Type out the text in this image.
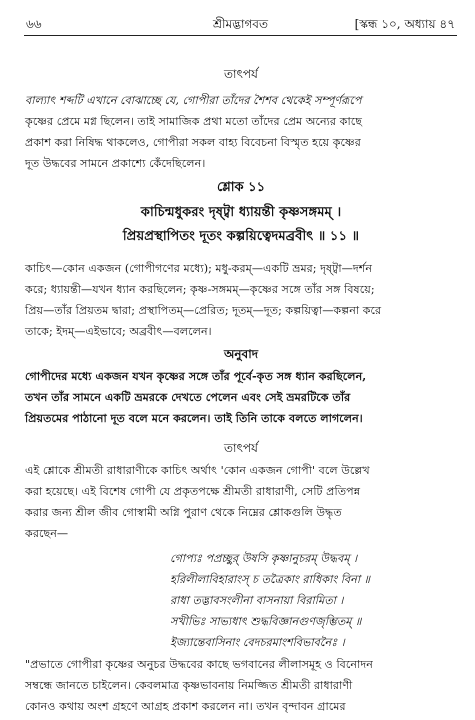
৬৬	শ্রীমদ্ভাগবত	[স্কন্ধ ১০, অধ্যায় ৪৭
তাৎপর্য
বাল্যাৎ শব্দটি এখানে বোঝাচ্ছে যে, গোপীরা তাঁদের শৈশব থেকেই সম্পূর্ণরূপে
কৃষ্ণের প্রেমে মগ্ন ছিলেন। তাই সামাজিক প্রথা মতো তাঁদের প্রেম অন্যের কাছে
প্রকাশ করা নিষিদ্ধ থাকলেও, গোপীরা সকল বাহ্য বিবেচনা বিস্মৃত হয়ে কৃষ্ণের
দূত উদ্ধবের সামনে প্রকাশ্যে কেঁদেছিলেন।
শ্লোক ১১
কাচিন্মধুকরং দৃষ্ট্বা ধ্যায়ন্তী কৃষ্ণসঙ্গমম্ ।
প্রিয়প্রস্থাপিতং দূতং কল্পয়িত্বেদমব্রবীৎ ॥ ১১ ॥
কাচিৎ—কোন একজন (গোপীগণের মধ্যে); মধু-করম্—একটি ভ্রমর; দৃষ্ট্বা—দর্শন
করে; ধ্যায়ন্তী—যখন ধ্যান করছিলেন; কৃষ্ণ-সঙ্গমম্—কৃষ্ণের সঙ্গে তাঁর সঙ্গ বিষয়ে;
প্রিয়—তাঁর প্রিয়তম দ্বারা; প্রস্থাপিতম্—প্রেরিত; দূতম্—দূত; কল্পয়িত্বা—কল্পনা করে
তাকে; ইদম্—এইভাবে; অব্রবীৎ—বললেন।
অনুবাদ
গোপীদের মধ্যে একজন যখন কৃষ্ণের সঙ্গে তাঁর পূর্বে-কৃত সঙ্গ ধ্যান করছিলেন,
তখন তাঁর সামনে একটি ভ্রমরকে দেখতে পেলেন এবং সেই ভ্রমরটিকে তাঁর
প্রিয়তমের পাঠানো দূত বলে মনে করলেন। তাই তিনি তাকে বলতে লাগলেন।
তাৎপর্য
এই শ্লোকে শ্রীমতী রাধারাণীকে কাচিৎ অর্থাৎ 'কোন একজন গোপী' বলে উল্লেখ
করা হয়েছে। এই বিশেষ গোপী যে প্রকৃতপক্ষে শ্রীমতী রাধারাণী, সেটি প্রতিপন্ন
করার জন্য শ্রীল জীব গোস্বামী অগ্নি পুরাণ থেকে নিম্নের শ্লোকগুলি উদ্ধৃত
করছেন—
গোপ্যঃ পপ্রচ্ছুর্ উষসি কৃষ্ণানুচরম্ উদ্ধবম্ ।
হরিলীলাবিহারাংস্ চ তত্রৈকাং রাধিকাং বিনা ॥
রাধা তদ্ভাবসংলীনা বাসনায়া বিরামিতা ।
সখীভিঃ সাভ্যধাৎ শুদ্ধবিজ্ঞানগুণজৃম্ভিতম্ ॥
ইজ্যান্তেবাসিনাং বেদচরমাংশবিভাবনৈঃ ।
"প্রভাতে গোপীরা কৃষ্ণের অনুচর উদ্ধবের কাছে ভগবানের লীলাসমূহ ও বিনোদন
সম্বন্ধে জানতে চাইলেন। কেবলমাত্র কৃষ্ণভাবনায় নিমজ্জিত শ্রীমতী রাধারাণী
কোনও কথায় অংশ গ্রহণে আগ্রহ প্রকাশ করলেন না। তখন বৃন্দাবন গ্রামের
